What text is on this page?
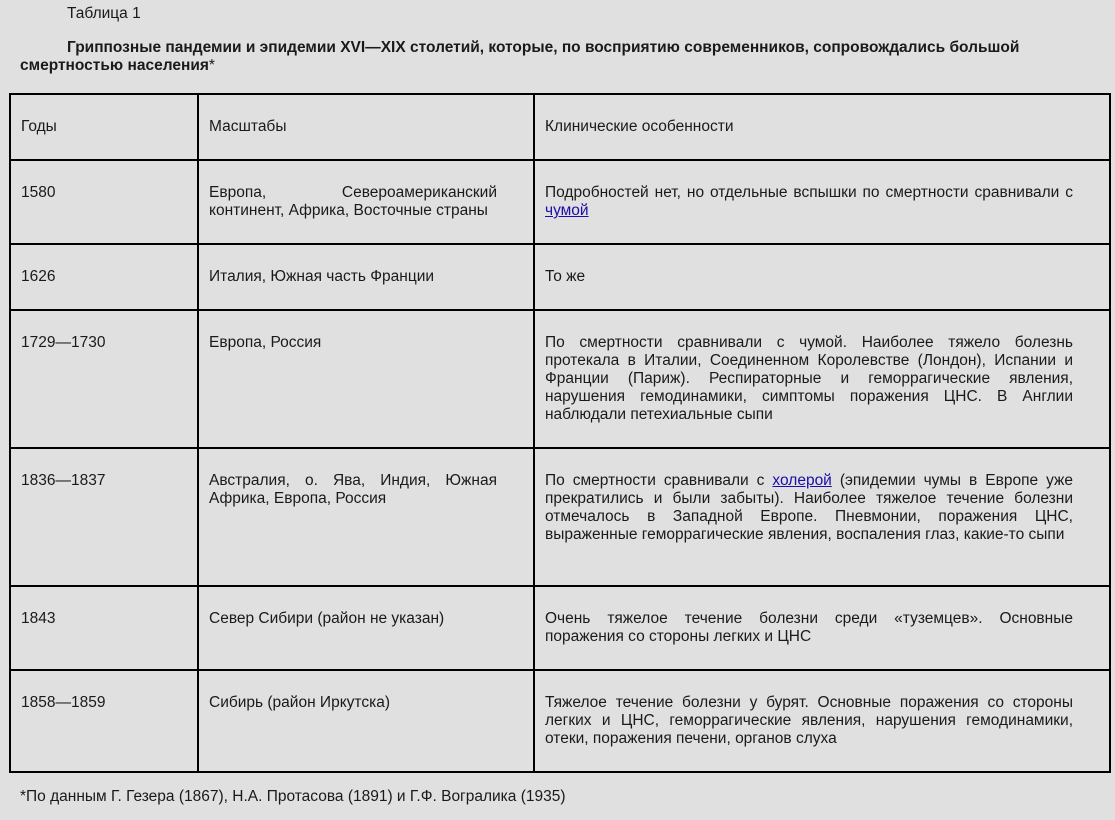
Таблица 1
Гриппозные пандемии и эпидемии XVI—XIX столетий, которые, по восприятию современников, сопровождались большой смертностью населения*
Годы	Масштабы	Клинические особенности

1580	Европа, Североамериканский континент, Африка, Восточные страны	Подробностей нет, но отдельные вспышки по смертности сравнивали с чумой

1626	Италия, Южная часть Франции	То же

1729—1730	Европа, Россия	По смертности сравнивали с чумой. Наиболее тяжело болезнь протекала в Италии, Соединенном Королевстве (Лондон), Испании и Франции (Париж). Респираторные и геморрагические явления, нарушения гемодинамики, симптомы поражения ЦНС. В Англии наблюдали петехиальные сыпи

1836—1837	Австралия, о. Ява, Индия, Южная Африка, Европа, Россия	По смертности сравнивали с холерой (эпидемии чумы в Европе уже прекратились и были забыты). Наиболее тяжелое течение болезни отмечалось в Западной Европе. Пневмонии, поражения ЦНС, выраженные геморрагические явления, воспаления глаз, какие-то сыпи

1843	Север Сибири (район не указан)	Очень тяжелое течение болезни среди «туземцев». Основные поражения со стороны легких и ЦНС

1858—1859	Сибирь (район Иркутска)	Тяжелое течение болезни у бурят. Основные поражения со стороны легких и ЦНС, геморрагические явления, нарушения гемодинамики, отеки, поражения печени, органов слуха
*По данным Г. Гезера (1867), Н.А. Протасова (1891) и Г.Ф. Вогралика (1935)
